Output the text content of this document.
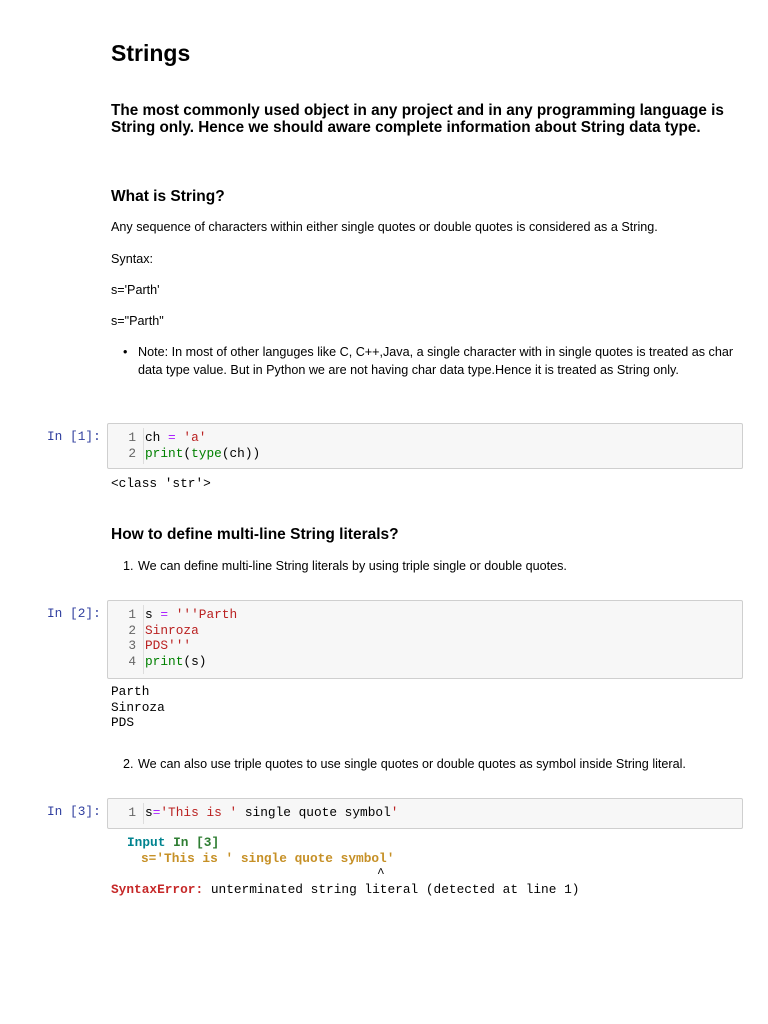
Strings

The most commonly used object in any project and in any programming language is String only. Hence we should aware complete information about String data type.

What is String?

Any sequence of characters within either single quotes or double quotes is considered as a String.

Syntax:

s='Parth'

s="Parth"

• Note: In most of other languges like C, C++,Java, a single character with in single quotes is treated as char data type value. But in Python we are not having char data type.Hence it is treated as String only.
In [1]:	1 ch = 'a'
2 print(type(ch))
<class 'str'>
How to define multi-line String literals?

1. We can define multi-line String literals by using triple single or double quotes.

In [2]:	1 s = '''Parth
2 Sinroza
3 PDS'''
4 print(s)
Parth
Sinroza
PDS

2. We can also use triple quotes to use single quotes or double quotes as symbol inside String literal.

In [3]:	1 s='This is ' single quote symbol'
Input In [3]
s='This is ' single quote symbol'
^
SyntaxError: unterminated string literal (detected at line 1)
